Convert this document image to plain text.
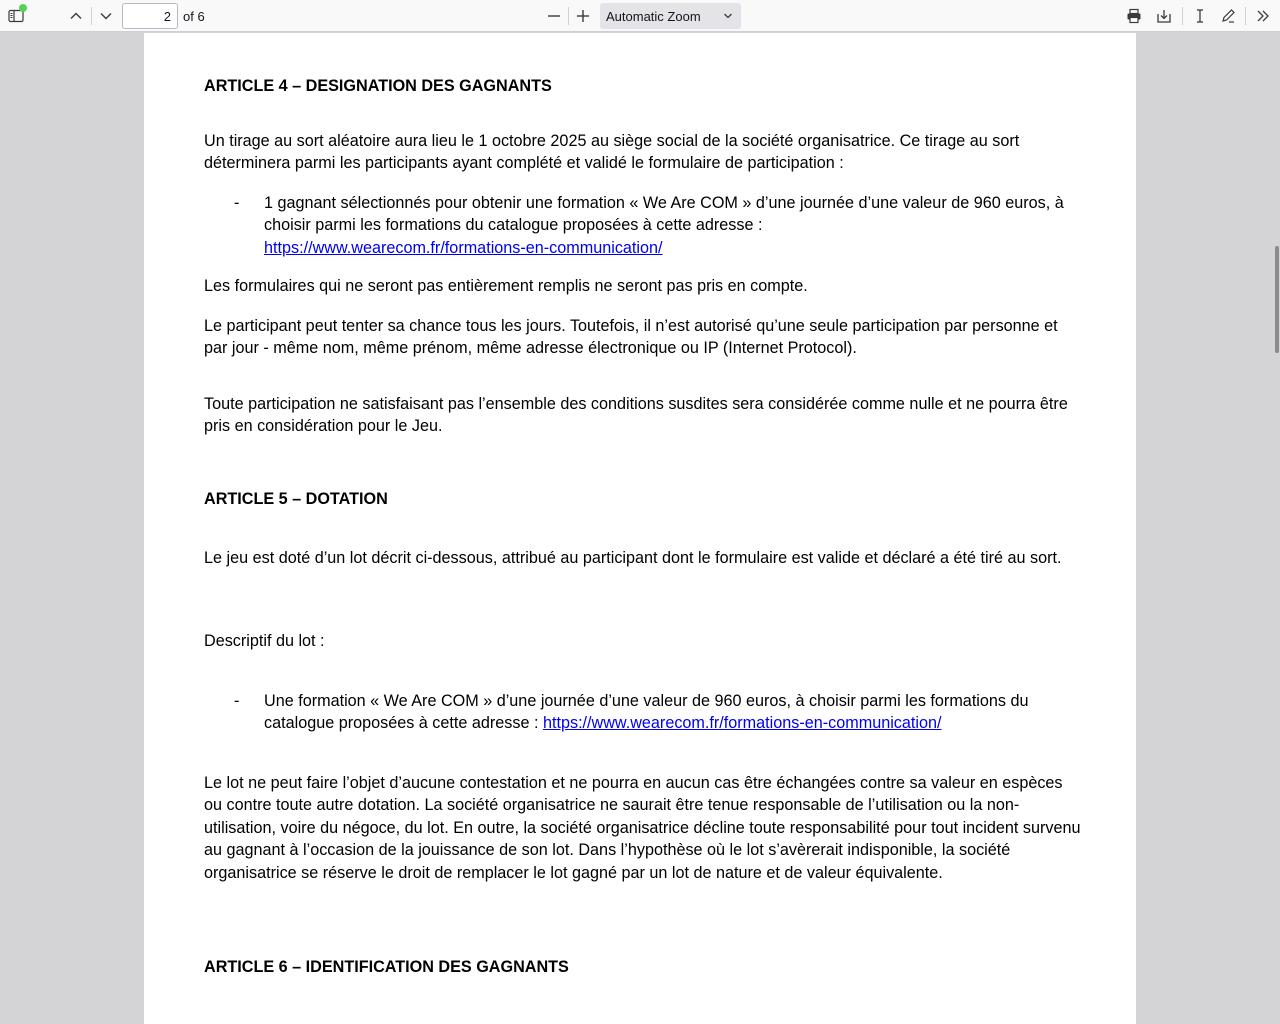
2
of 6	Automatic Zoom
ARTICLE 4 – DESIGNATION DES GAGNANTS

Un tirage au sort aléatoire aura lieu le 1 octobre 2025 au siège social de la société organisatrice. Ce tirage au sort déterminera parmi les participants ayant complété et validé le formulaire de participation :

- 1 gagnant sélectionnés pour obtenir une formation « We Are COM » d’une journée d’une valeur de 960 euros, à choisir parmi les formations du catalogue proposées à cette adresse :
https://www.wearecom.fr/formations-en-communication/

Les formulaires qui ne seront pas entièrement remplis ne seront pas pris en compte.

Le participant peut tenter sa chance tous les jours. Toutefois, il n’est autorisé qu’une seule participation par personne et par jour - même nom, même prénom, même adresse électronique ou IP (Internet Protocol).

Toute participation ne satisfaisant pas l’ensemble des conditions susdites sera considérée comme nulle et ne pourra être pris en considération pour le Jeu.

ARTICLE 5 – DOTATION

Le jeu est doté d’un lot décrit ci-dessous, attribué au participant dont le formulaire est valide et déclaré a été tiré au sort.

Descriptif du lot :

- Une formation « We Are COM » d’une journée d’une valeur de 960 euros, à choisir parmi les formations du catalogue proposées à cette adresse : https://www.wearecom.fr/formations-en-communication/

Le lot ne peut faire l’objet d’aucune contestation et ne pourra en aucun cas être échangées contre sa valeur en espèces ou contre toute autre dotation. La société organisatrice ne saurait être tenue responsable de l’utilisation ou la non-utilisation, voire du négoce, du lot. En outre, la société organisatrice décline toute responsabilité pour tout incident survenu au gagnant à l’occasion de la jouissance de son lot. Dans l’hypothèse où le lot s’avèrerait indisponible, la société organisatrice se réserve le droit de remplacer le lot gagné par un lot de nature et de valeur équivalente.

ARTICLE 6 – IDENTIFICATION DES GAGNANTS
